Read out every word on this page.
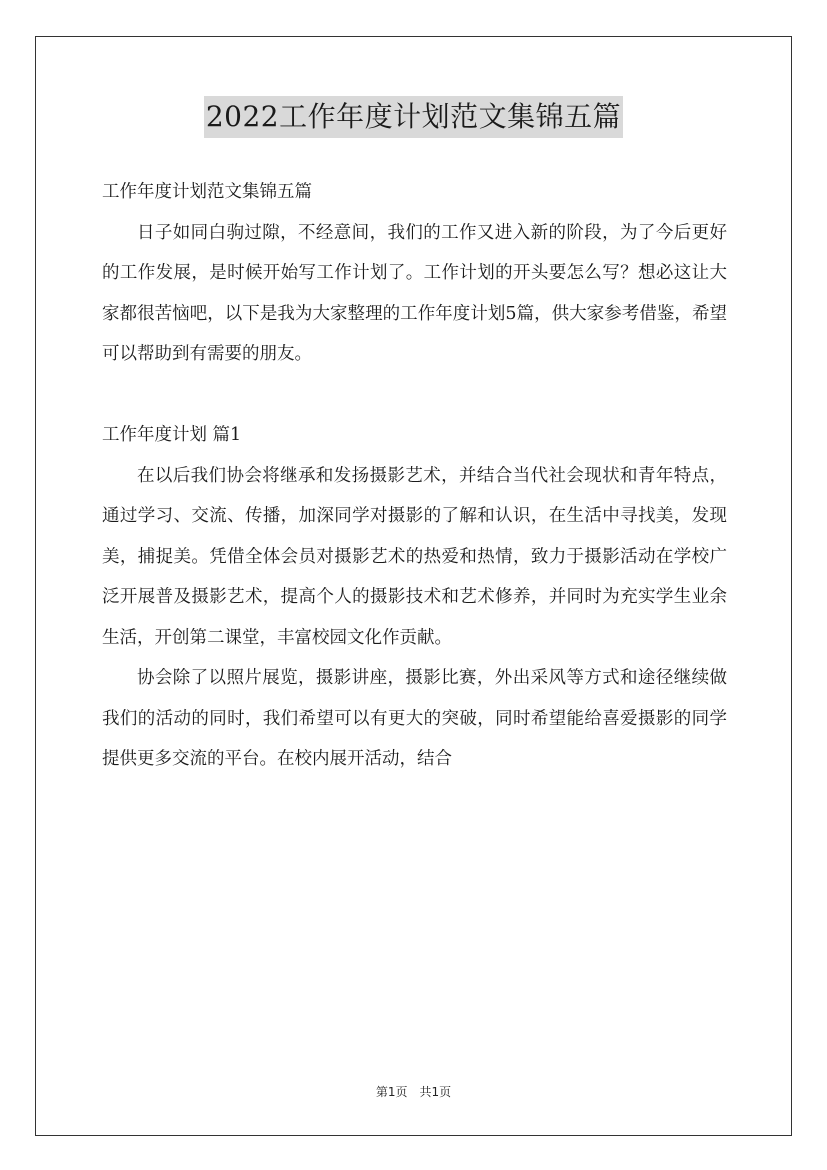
2022工作年度计划范文集锦五篇

工作年度计划范文集锦五篇

日子如同白驹过隙，不经意间，我们的工作又进入新的阶段，为了今后更好的工作发展，是时候开始写工作计划了。工作计划的开头要怎么写？想必这让大家都很苦恼吧，以下是我为大家整理的工作年度计划5篇，供大家参考借鉴，希望可以帮助到有需要的朋友。

工作年度计划 篇1

在以后我们协会将继承和发扬摄影艺术，并结合当代社会现状和青年特点，通过学习、交流、传播，加深同学对摄影的了解和认识，在生活中寻找美，发现美，捕捉美。凭借全体会员对摄影艺术的热爱和热情，致力于摄影活动在学校广泛开展普及摄影艺术，提高个人的摄影技术和艺术修养，并同时为充实学生业余生活，开创第二课堂，丰富校园文化作贡献。

协会除了以照片展览，摄影讲座，摄影比赛，外出采风等方式和途径继续做我们的活动的同时，我们希望可以有更大的突破，同时希望能给喜爱摄影的同学提供更多交流的平台。在校内展开活动，结合

第1页　共1页
